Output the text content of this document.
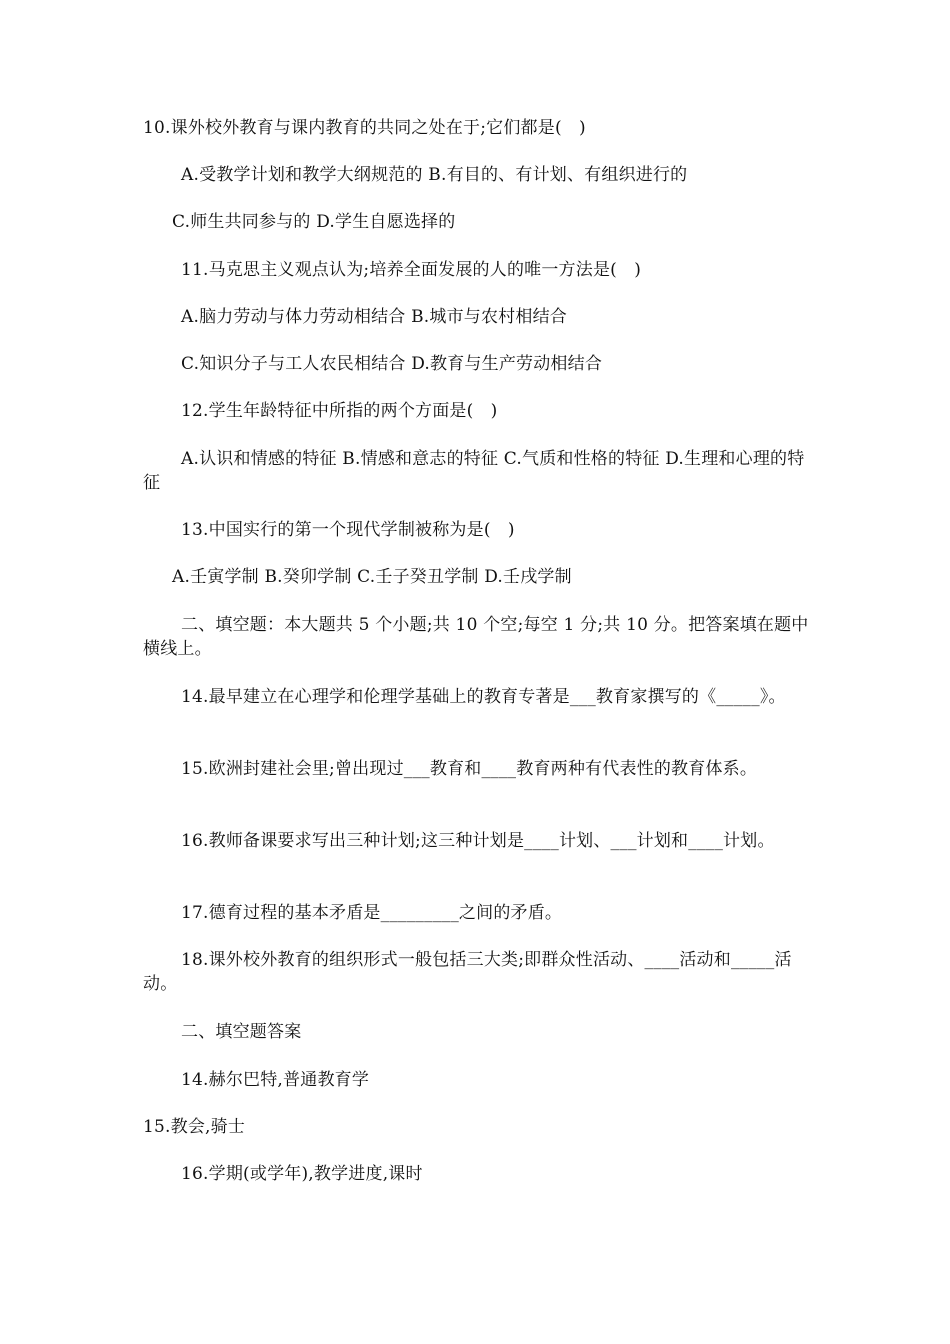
10.课外校外教育与课内教育的共同之处在于;它们都是(　)
A.受教学计划和教学大纲规范的 B.有目的、有计划、有组织进行的
C.师生共同参与的 D.学生自愿选择的
11.马克思主义观点认为;培养全面发展的人的唯一方法是(　)
A.脑力劳动与体力劳动相结合 B.城市与农村相结合
C.知识分子与工人农民相结合 D.教育与生产劳动相结合
12.学生年龄特征中所指的两个方面是(　)
A.认识和情感的特征 B.情感和意志的特征 C.气质和性格的特征 D.生理和心理的特征
13.中国实行的第一个现代学制被称为是(　)
A.壬寅学制 B.癸卯学制 C.壬子癸丑学制 D.壬戌学制
二、填空题：本大题共 5 个小题;共 10 个空;每空 1 分;共 10 分。把答案填在题中横线上。
14.最早建立在心理学和伦理学基础上的教育专著是___教育家撰写的《_____》。
15.欧洲封建社会里;曾出现过___教育和____教育两种有代表性的教育体系。
16.教师备课要求写出三种计划;这三种计划是____计划、___计划和____计划。
17.德育过程的基本矛盾是_________之间的矛盾。
18.课外校外教育的组织形式一般包括三大类;即群众性活动、____活动和_____活动。
二、填空题答案
14.赫尔巴特,普通教育学
15.教会,骑士
16.学期(或学年),教学进度,课时
